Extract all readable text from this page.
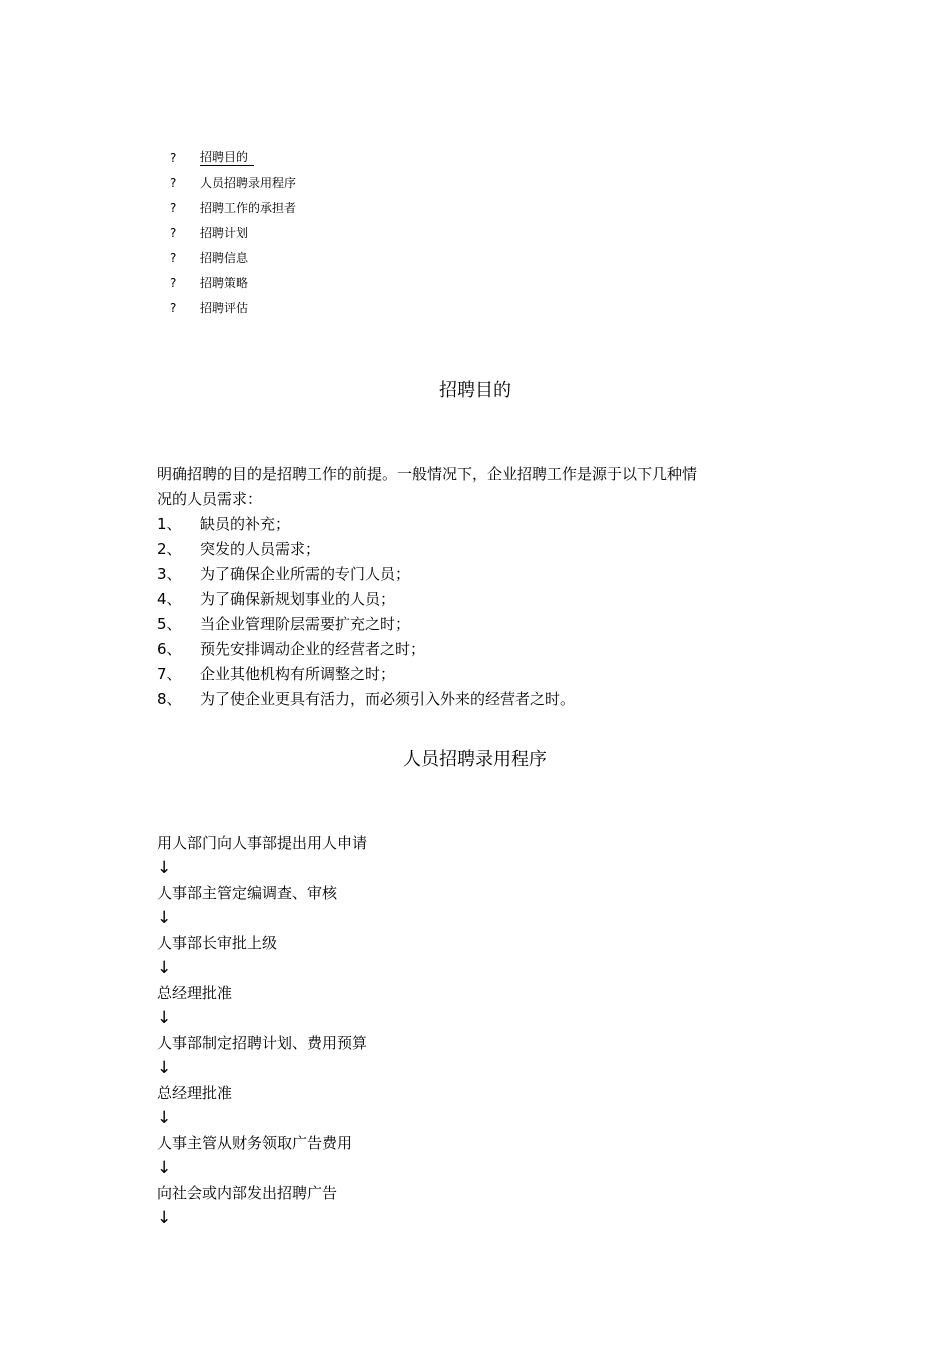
?	招聘目的
?	人员招聘录用程序
?	招聘工作的承担者
?	招聘计划
?	招聘信息
?	招聘策略
?	招聘评估
招聘目的
明确招聘的目的是招聘工作的前提。一般情况下，企业招聘工作是源于以下几种情
况的人员需求：
1、	缺员的补充；
2、	突发的人员需求；
3、	为了确保企业所需的专门人员；
4、	为了确保新规划事业的人员；
5、	当企业管理阶层需要扩充之时；
6、	预先安排调动企业的经营者之时；
7、	企业其他机构有所调整之时；
8、	为了使企业更具有活力，而必须引入外来的经营者之时。
人员招聘录用程序
用人部门向人事部提出用人申请
↓
人事部主管定编调查、审核
↓
人事部长审批上级
↓
总经理批准
↓
人事部制定招聘计划、费用预算
↓
总经理批准
↓
人事主管从财务领取广告费用
↓
向社会或内部发出招聘广告
↓
